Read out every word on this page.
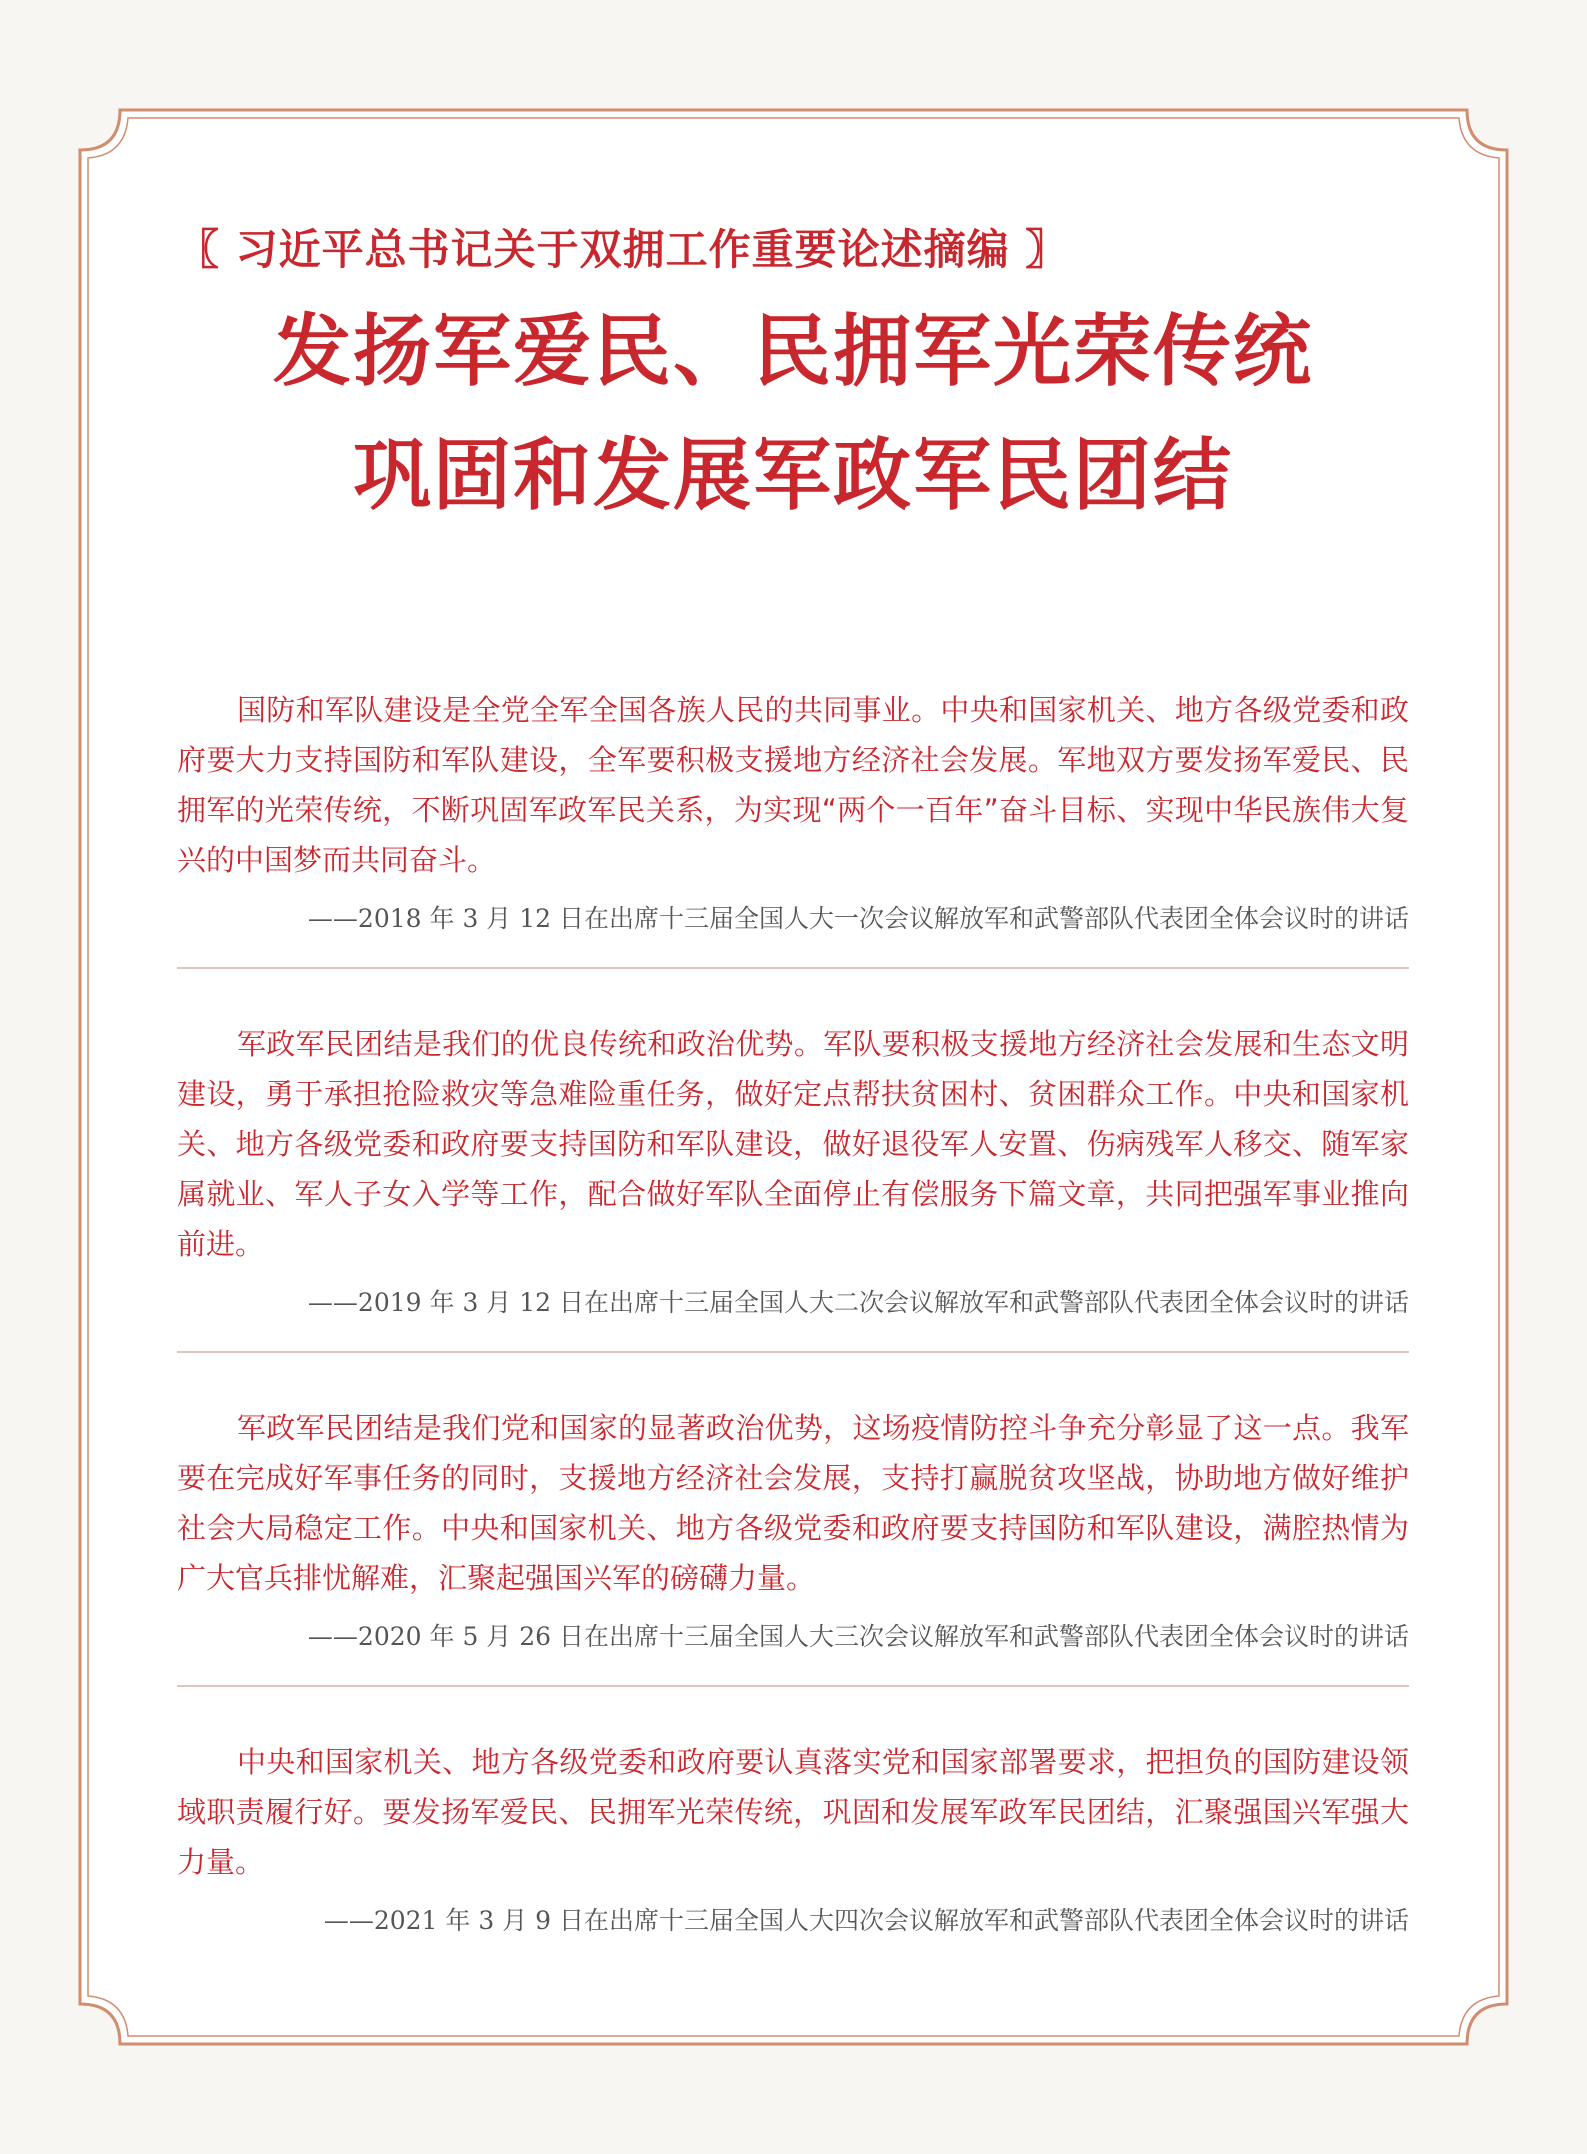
〖 习近平总书记关于双拥工作重要论述摘编 〗
发扬军爱民、民拥军光荣传统
巩固和发展军政军民团结

国防和军队建设是全党全军全国各族人民的共同事业。中央和国家机关、地方各级党委和政府要大力支持国防和军队建设，全军要积极支援地方经济社会发展。军地双方要发扬军爱民、民拥军的光荣传统，不断巩固军政军民关系，为实现“两个一百年”奋斗目标、实现中华民族伟大复兴的中国梦而共同奋斗。

——2018 年 3 月 12 日在出席十三届全国人大一次会议解放军和武警部队代表团全体会议时的讲话

军政军民团结是我们的优良传统和政治优势。军队要积极支援地方经济社会发展和生态文明建设，勇于承担抢险救灾等急难险重任务，做好定点帮扶贫困村、贫困群众工作。中央和国家机关、地方各级党委和政府要支持国防和军队建设，做好退役军人安置、伤病残军人移交、随军家属就业、军人子女入学等工作，配合做好军队全面停止有偿服务下篇文章，共同把强军事业推向前进。

——2019 年 3 月 12 日在出席十三届全国人大二次会议解放军和武警部队代表团全体会议时的讲话

军政军民团结是我们党和国家的显著政治优势，这场疫情防控斗争充分彰显了这一点。我军要在完成好军事任务的同时，支援地方经济社会发展，支持打赢脱贫攻坚战，协助地方做好维护社会大局稳定工作。中央和国家机关、地方各级党委和政府要支持国防和军队建设，满腔热情为广大官兵排忧解难，汇聚起强国兴军的磅礴力量。

——2020 年 5 月 26 日在出席十三届全国人大三次会议解放军和武警部队代表团全体会议时的讲话

中央和国家机关、地方各级党委和政府要认真落实党和国家部署要求，把担负的国防建设领域职责履行好。要发扬军爱民、民拥军光荣传统，巩固和发展军政军民团结，汇聚强国兴军强大力量。

——2021 年 3 月 9 日在出席十三届全国人大四次会议解放军和武警部队代表团全体会议时的讲话
